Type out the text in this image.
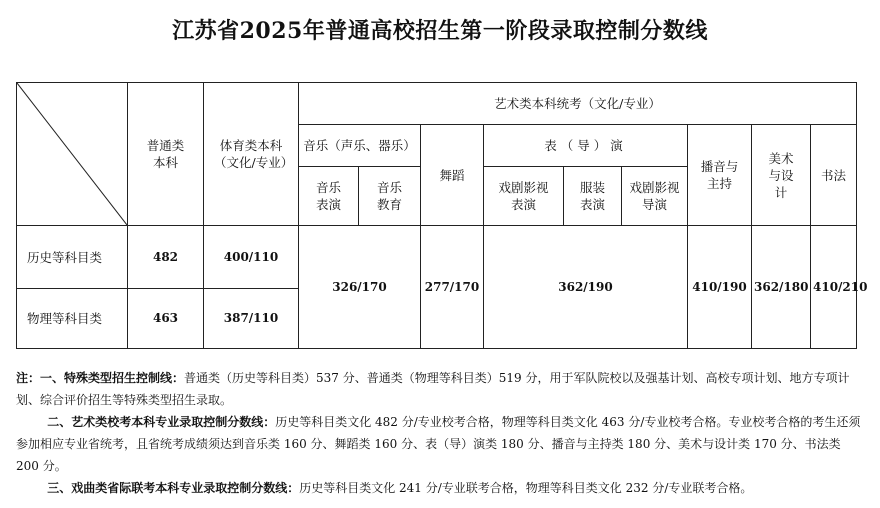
江苏省2025年普通高校招生第一阶段录取控制分数线
	普通类本科	体育类本科（文化/专业）	艺术类本科统考（文化/专业）								
			音乐（声乐、器乐）		舞蹈	表（导）演			播音与主持	美术与设计	书法
			音乐表演	音乐教育		戏剧影视表演	服装表演	戏剧影视导演			
历史等科目类	482	400/110	326/170		277/170	362/190			410/190	362/180	410/210
物理等科目类	463	387/110									

注：一、特殊类型招生控制线：普通类（历史等科目类）537 分、普通类（物理等科目类）519 分，用于军队院校以及强基计划、高校专项计划、地方专项计划、综合评价招生等特殊类型招生录取。

二、艺术类校考本科专业录取控制分数线：历史等科目类文化 482 分/专业校考合格，物理等科目类文化 463 分/专业校考合格。专业校考合格的考生还须参加相应专业省统考，且省统考成绩须达到音乐类 160 分、舞蹈类 160 分、表（导）演类 180 分、播音与主持类 180 分、美术与设计类 170 分、书法类 200 分。

三、戏曲类省际联考本科专业录取控制分数线：历史等科目类文化 241 分/专业联考合格，物理等科目类文化 232 分/专业联考合格。
